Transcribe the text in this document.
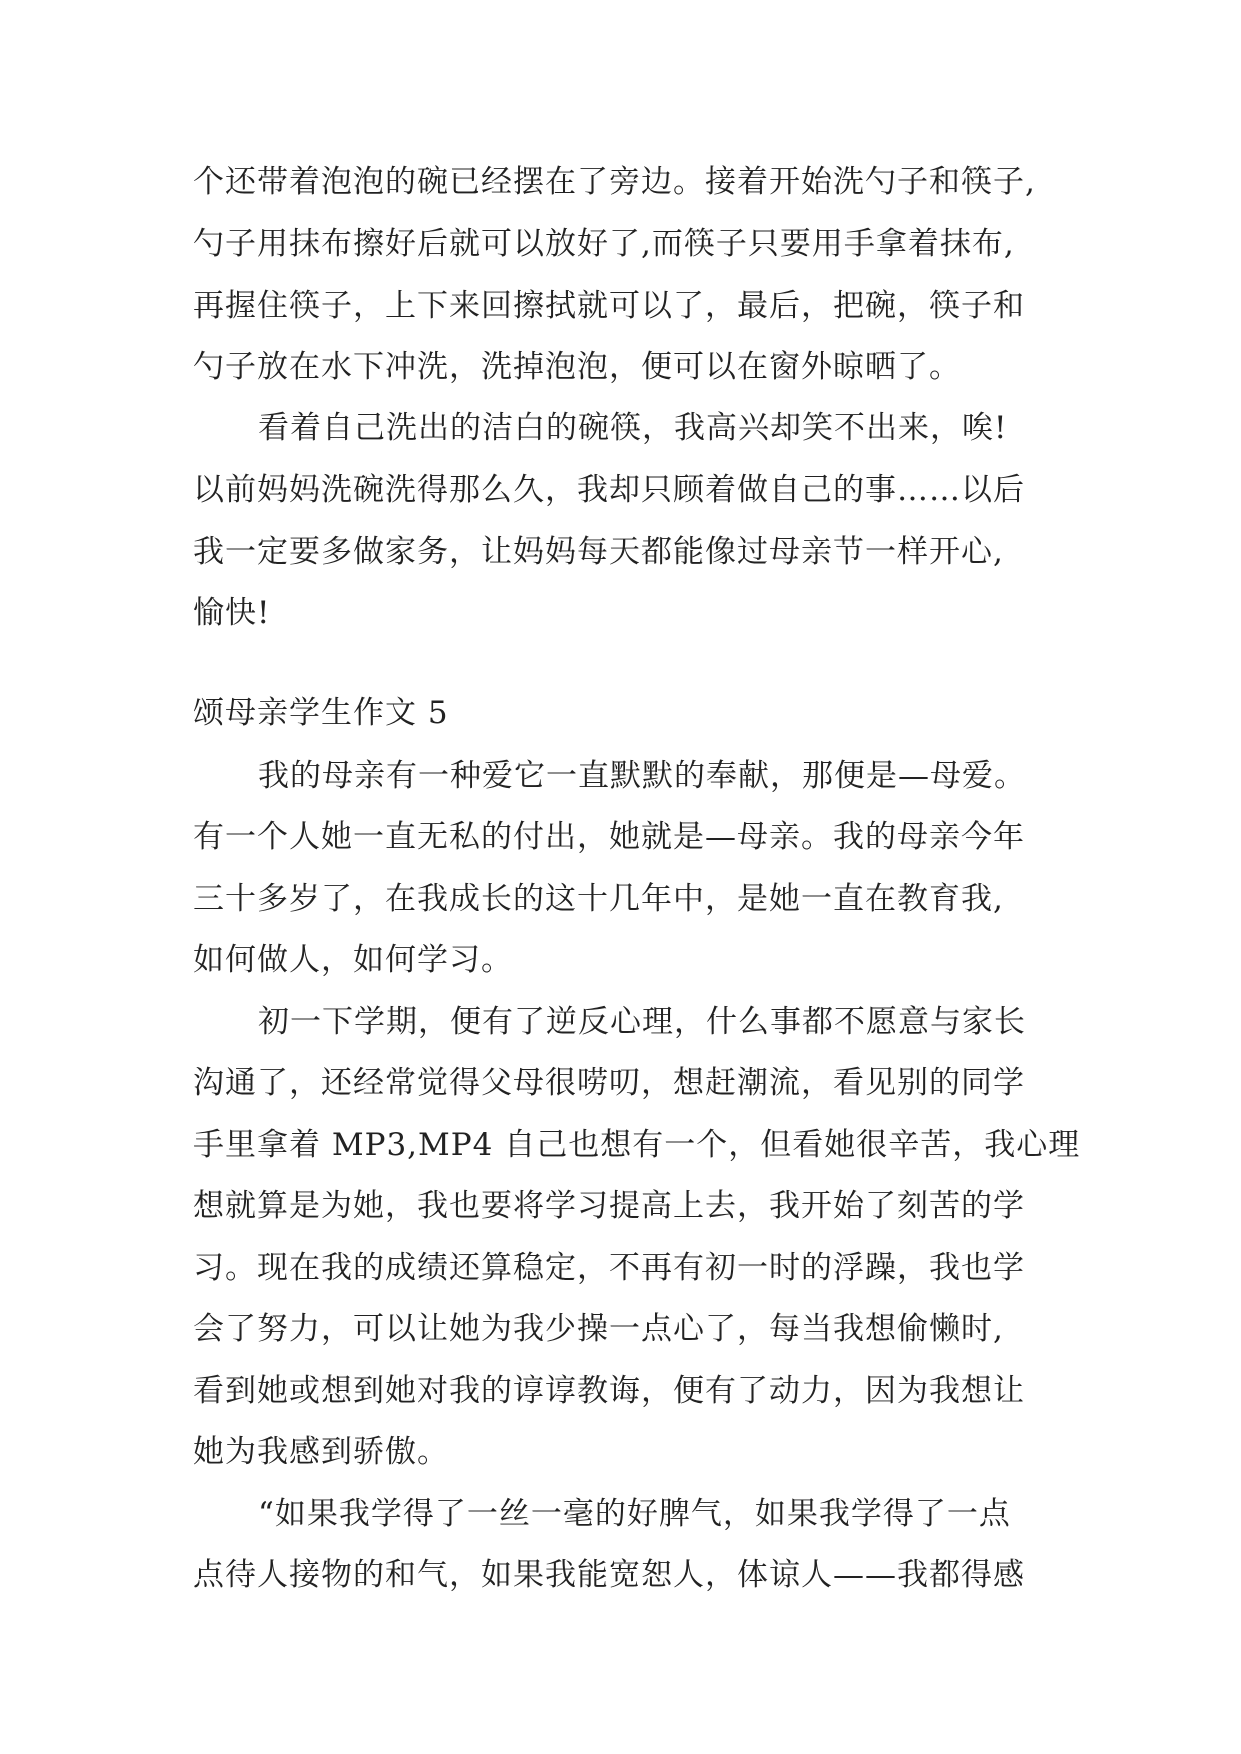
个还带着泡泡的碗已经摆在了旁边。接着开始洗勺子和筷子,
勺子用抹布擦好后就可以放好了,而筷子只要用手拿着抹布,
再握住筷子，上下来回擦拭就可以了，最后，把碗，筷子和
勺子放在水下冲洗，洗掉泡泡，便可以在窗外晾晒了。
看着自己洗出的洁白的碗筷，我高兴却笑不出来，唉!
以前妈妈洗碗洗得那么久，我却只顾着做自己的事……以后
我一定要多做家务，让妈妈每天都能像过母亲节一样开心,
愉快!
颂母亲学生作文 5
我的母亲有一种爱它一直默默的奉献，那便是—母爱。
有一个人她一直无私的付出，她就是—母亲。我的母亲今年
三十多岁了，在我成长的这十几年中，是她一直在教育我,
如何做人，如何学习。
初一下学期，便有了逆反心理，什么事都不愿意与家长
沟通了，还经常觉得父母很唠叨，想赶潮流，看见别的同学
手里拿着 MP3,MP4 自己也想有一个，但看她很辛苦，我心理
想就算是为她，我也要将学习提高上去，我开始了刻苦的学
习。现在我的成绩还算稳定，不再有初一时的浮躁，我也学
会了努力，可以让她为我少操一点心了，每当我想偷懒时,
看到她或想到她对我的谆谆教诲，便有了动力，因为我想让
她为我感到骄傲。
“如果我学得了一丝一毫的好脾气，如果我学得了一点
点待人接物的和气，如果我能宽恕人，体谅人——我都得感
